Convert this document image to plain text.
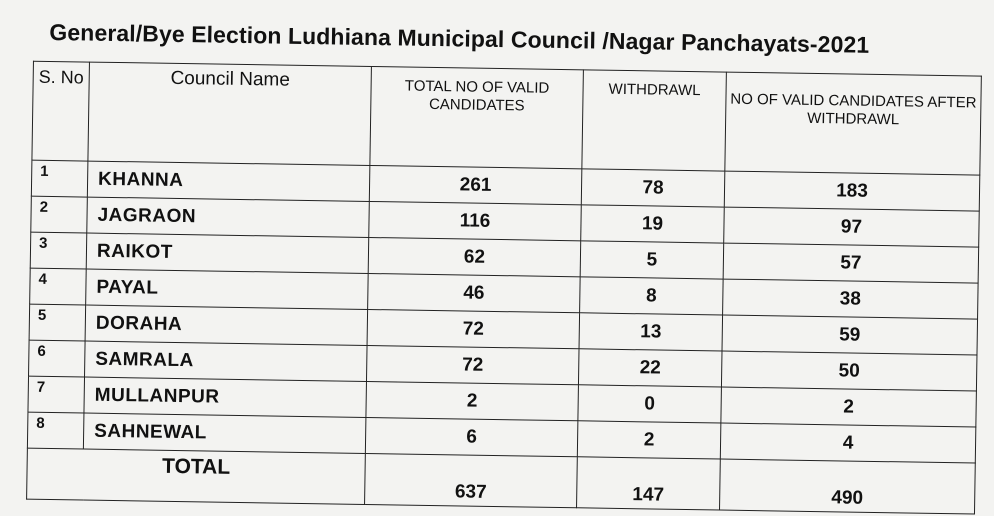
General/Bye Election Ludhiana Municipal Council /Nagar Panchayats-2021
S. No	Council Name	TOTAL NO OF VALID CANDIDATES	WITHDRAWL	NO OF VALID CANDIDATES AFTER WITHDRAWL
1	KHANNA	261	78	183
2	JAGRAON	116	19	97
3	RAIKOT	62	5	57
4	PAYAL	46	8	38
5	DORAHA	72	13	59
6	SAMRALA	72	22	50
7	MULLANPUR	2	0	2
8	SAHNEWAL	6	2	4
TOTAL		637	147	490
